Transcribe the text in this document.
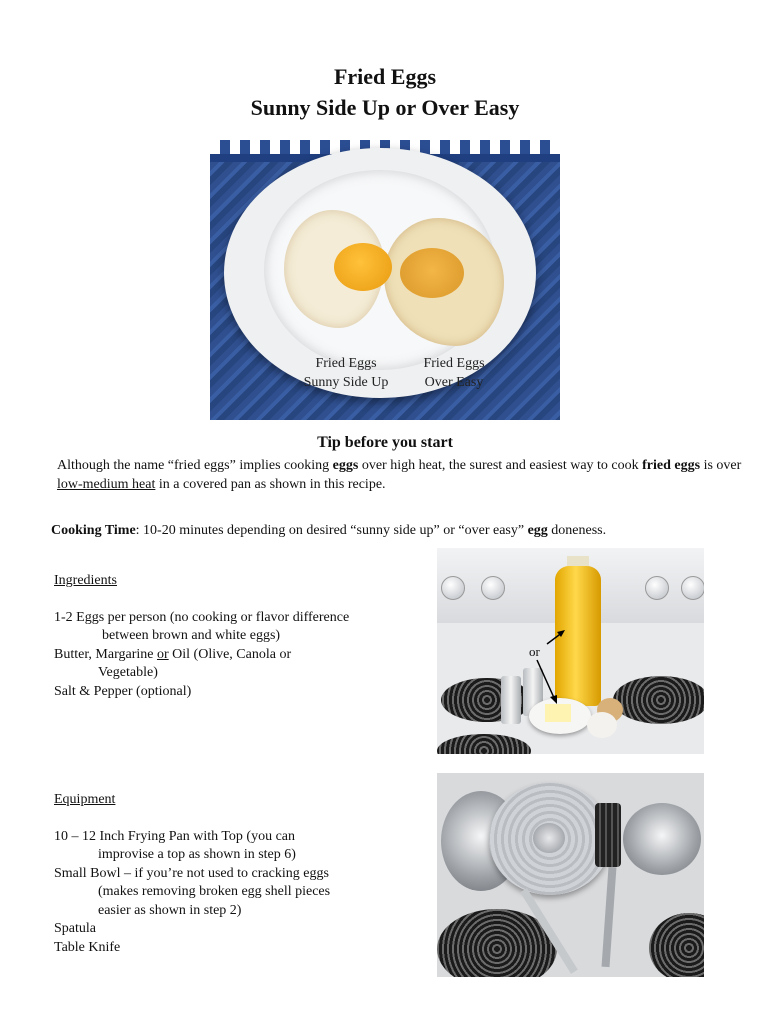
Fried Eggs
Sunny Side Up or Over Easy
Fried Eggs
Sunny Side Up
Fried Eggs
Over Easy
Tip before you start
Although the name “fried eggs” implies cooking eggs over high heat, the surest and easiest way to cook fried eggs is over low-medium heat in a covered pan as shown in this recipe.
Cooking Time: 10-20 minutes depending on desired “sunny side up” or “over easy” egg doneness.
Ingredients
1-2 Eggs per person (no cooking or flavor difference
between brown and white eggs)
Butter, Margarine or Oil (Olive, Canola or
Vegetable)
Salt & Pepper (optional)
or
Equipment
10 – 12 Inch Frying Pan with Top (you can
improvise a top as shown in step 6)
Small Bowl – if you’re not used to cracking eggs
(makes removing broken egg shell pieces
easier as shown in step 2)
Spatula
Table Knife
